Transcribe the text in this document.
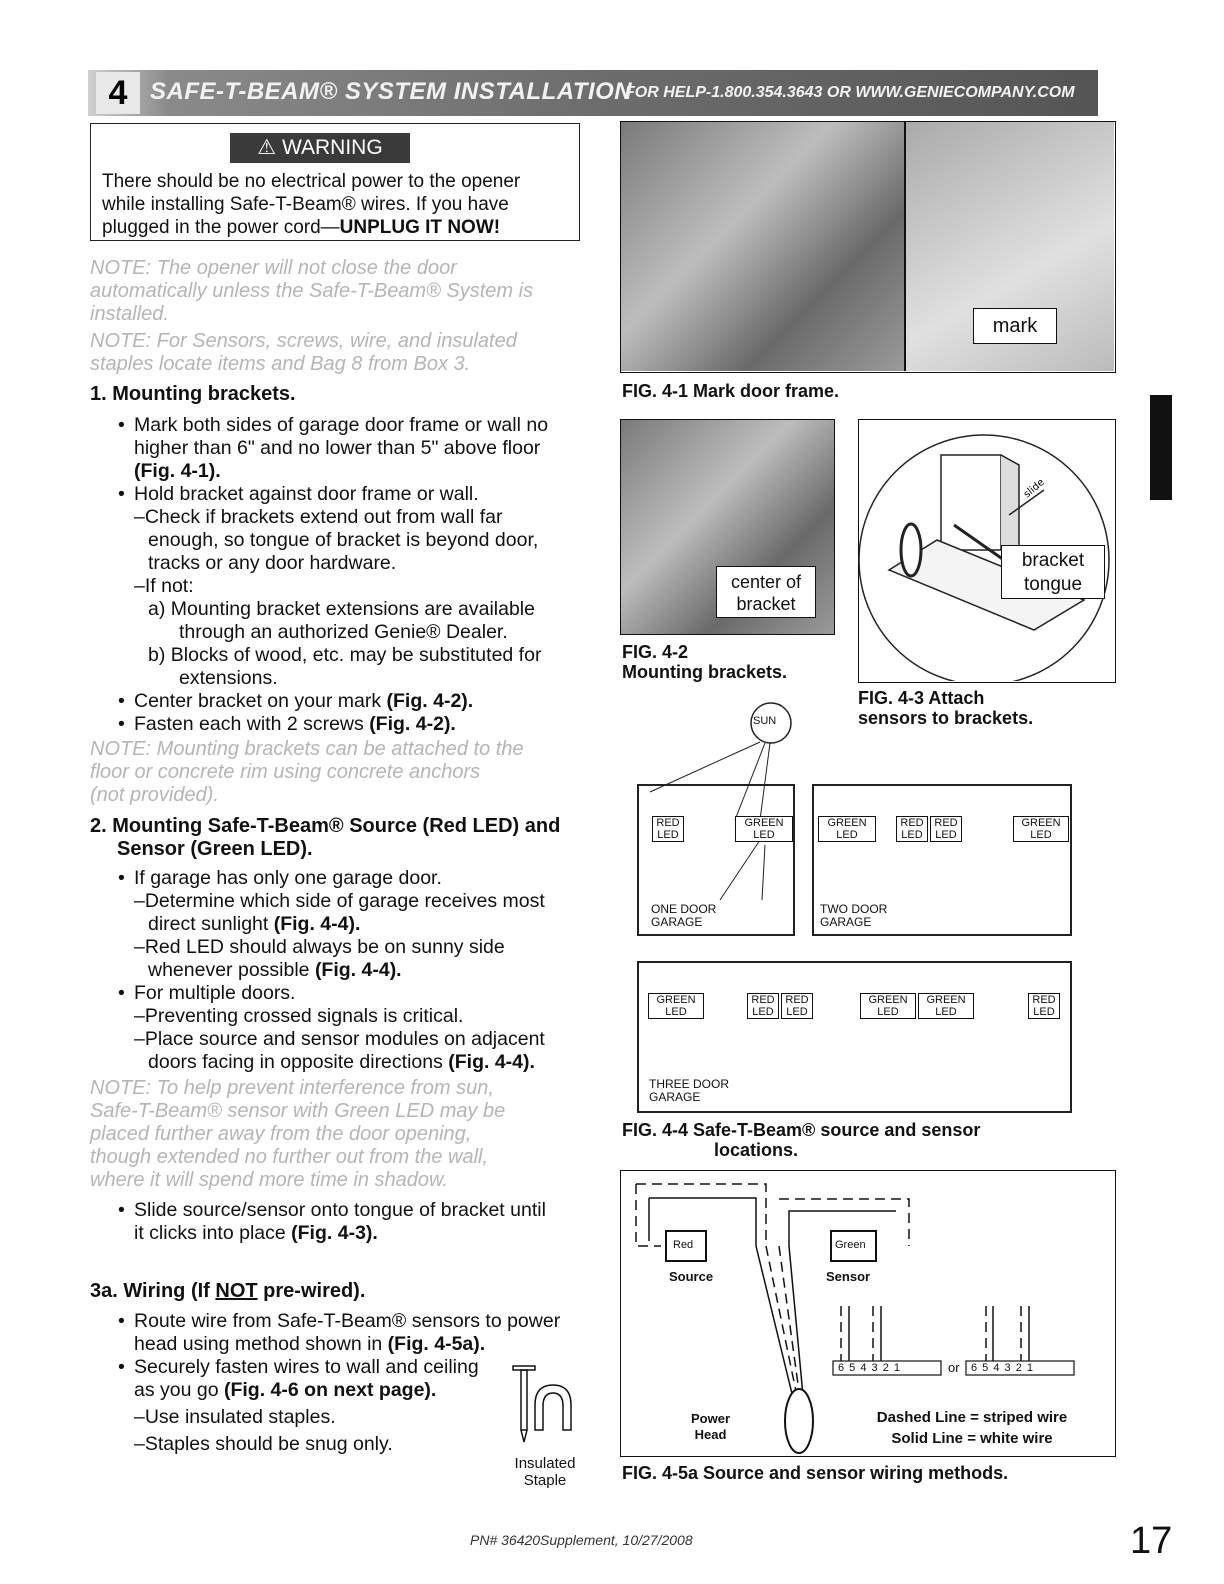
4 SAFE-T-BEAM® SYSTEM INSTALLATION
FOR HELP-1.800.354.3643 OR WWW.GENIECOMPANY.COM
⚠ WARNING
There should be no electrical power to the opener
while installing Safe-T-Beam® wires. If you have
plugged in the power cord—UNPLUG IT NOW!
NOTE: The opener will not close the door
automatically unless the Safe-T-Beam® System is
installed.
NOTE: For Sensors, screws, wire, and insulated
staples locate items and Bag 8 from Box 3.
1. Mounting brackets.
• Mark both sides of garage door frame or wall no
higher than 6" and no lower than 5" above floor
(Fig. 4-1).
• Hold bracket against door frame or wall.
–Check if brackets extend out from wall far
enough, so tongue of bracket is beyond door,
tracks or any door hardware.
–If not:
a) Mounting bracket extensions are available
through an authorized Genie® Dealer.
b) Blocks of wood, etc. may be substituted for
extensions.
• Center bracket on your mark (Fig. 4-2).
• Fasten each with 2 screws (Fig. 4-2).
NOTE: Mounting brackets can be attached to the
floor or concrete rim using concrete anchors
(not provided).
2. Mounting Safe-T-Beam® Source (Red LED) and
Sensor (Green LED).
• If garage has only one garage door.
–Determine which side of garage receives most
direct sunlight (Fig. 4-4).
–Red LED should always be on sunny side
whenever possible (Fig. 4-4).
• For multiple doors.
–Preventing crossed signals is critical.
–Place source and sensor modules on adjacent
doors facing in opposite directions (Fig. 4-4).
NOTE: To help prevent interference from sun,
Safe-T-Beam® sensor with Green LED may be
placed further away from the door opening,
though extended no further out from the wall,
where it will spend more time in shadow.
• Slide source/sensor onto tongue of bracket until
it clicks into place (Fig. 4-3).
3a. Wiring (If NOT pre-wired).
• Route wire from Safe-T-Beam® sensors to power
head using method shown in (Fig. 4-5a).
• Securely fasten wires to wall and ceiling
as you go (Fig. 4-6 on next page).
–Use insulated staples.
–Staples should be snug only.
Insulated
Staple
mark
FIG. 4-1 Mark door frame.
center of
bracket
FIG. 4-2
Mounting brackets.
slide
bracket
tongue
FIG. 4-3 Attach
sensors to brackets.
SUN
RED LED
GREEN LED
GREEN LED
RED LED
RED LED
GREEN LED
ONE DOOR
GARAGE
TWO DOOR
GARAGE
GREEN LED
RED LED
RED LED
GREEN LED
GREEN LED
RED LED
THREE DOOR
GARAGE
FIG. 4-4 Safe-T-Beam® source and sensor
locations.
Red	Green
Source	Sensor
Power
Head
6 5 4 3 2 1	or 6 5 4 3 2 1
Dashed Line = striped wire
Solid Line = white wire
FIG. 4-5a Source and sensor wiring methods.
PN# 36420Supplement, 10/27/2008	17
